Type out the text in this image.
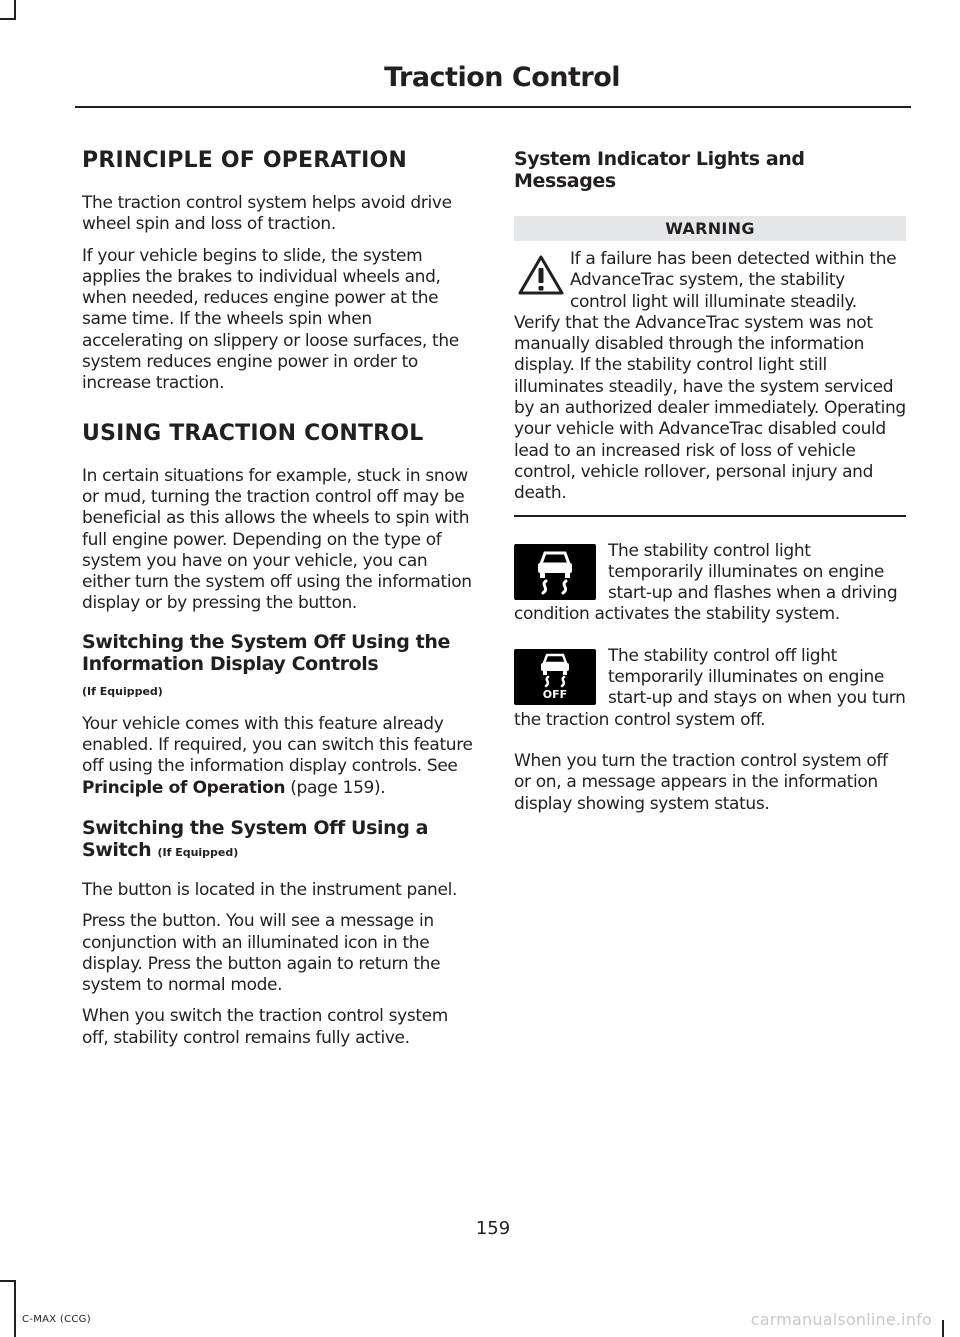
Traction Control
PRINCIPLE OF OPERATION

The traction control system helps avoid drive wheel spin and loss of traction.

If your vehicle begins to slide, the system applies the brakes to individual wheels and, when needed, reduces engine power at the same time. If the wheels spin when accelerating on slippery or loose surfaces, the system reduces engine power in order to increase traction.

USING TRACTION CONTROL

In certain situations for example, stuck in snow or mud, turning the traction control off may be beneficial as this allows the wheels to spin with full engine power. Depending on the type of system you have on your vehicle, you can either turn the system off using the information display or by pressing the button.

Switching the System Off Using the Information Display Controls
(If Equipped)

Your vehicle comes with this feature already enabled. If required, you can switch this feature off using the information display controls. See Principle of Operation (page 159).

Switching the System Off Using a Switch (If Equipped)

The button is located in the instrument panel.

Press the button. You will see a message in conjunction with an illuminated icon in the display. Press the button again to return the system to normal mode.

When you switch the traction control system off, stability control remains fully active.

System Indicator Lights and Messages
WARNING

If a failure has been detected within the AdvanceTrac system, the stability control light will illuminate steadily. Verify that the AdvanceTrac system was not manually disabled through the information display. If the stability control light still illuminates steadily, have the system serviced by an authorized dealer immediately. Operating your vehicle with AdvanceTrac disabled could lead to an increased risk of loss of vehicle control, vehicle rollover, personal injury and death.

The stability control light temporarily illuminates on engine start-up and flashes when a driving condition activates the stability system.

OFF

The stability control off light temporarily illuminates on engine start-up and stays on when you turn the traction control system off.

When you turn the traction control system off or on, a message appears in the information display showing system status.

159
C-MAX (CCG)	carmanualsonline.info
